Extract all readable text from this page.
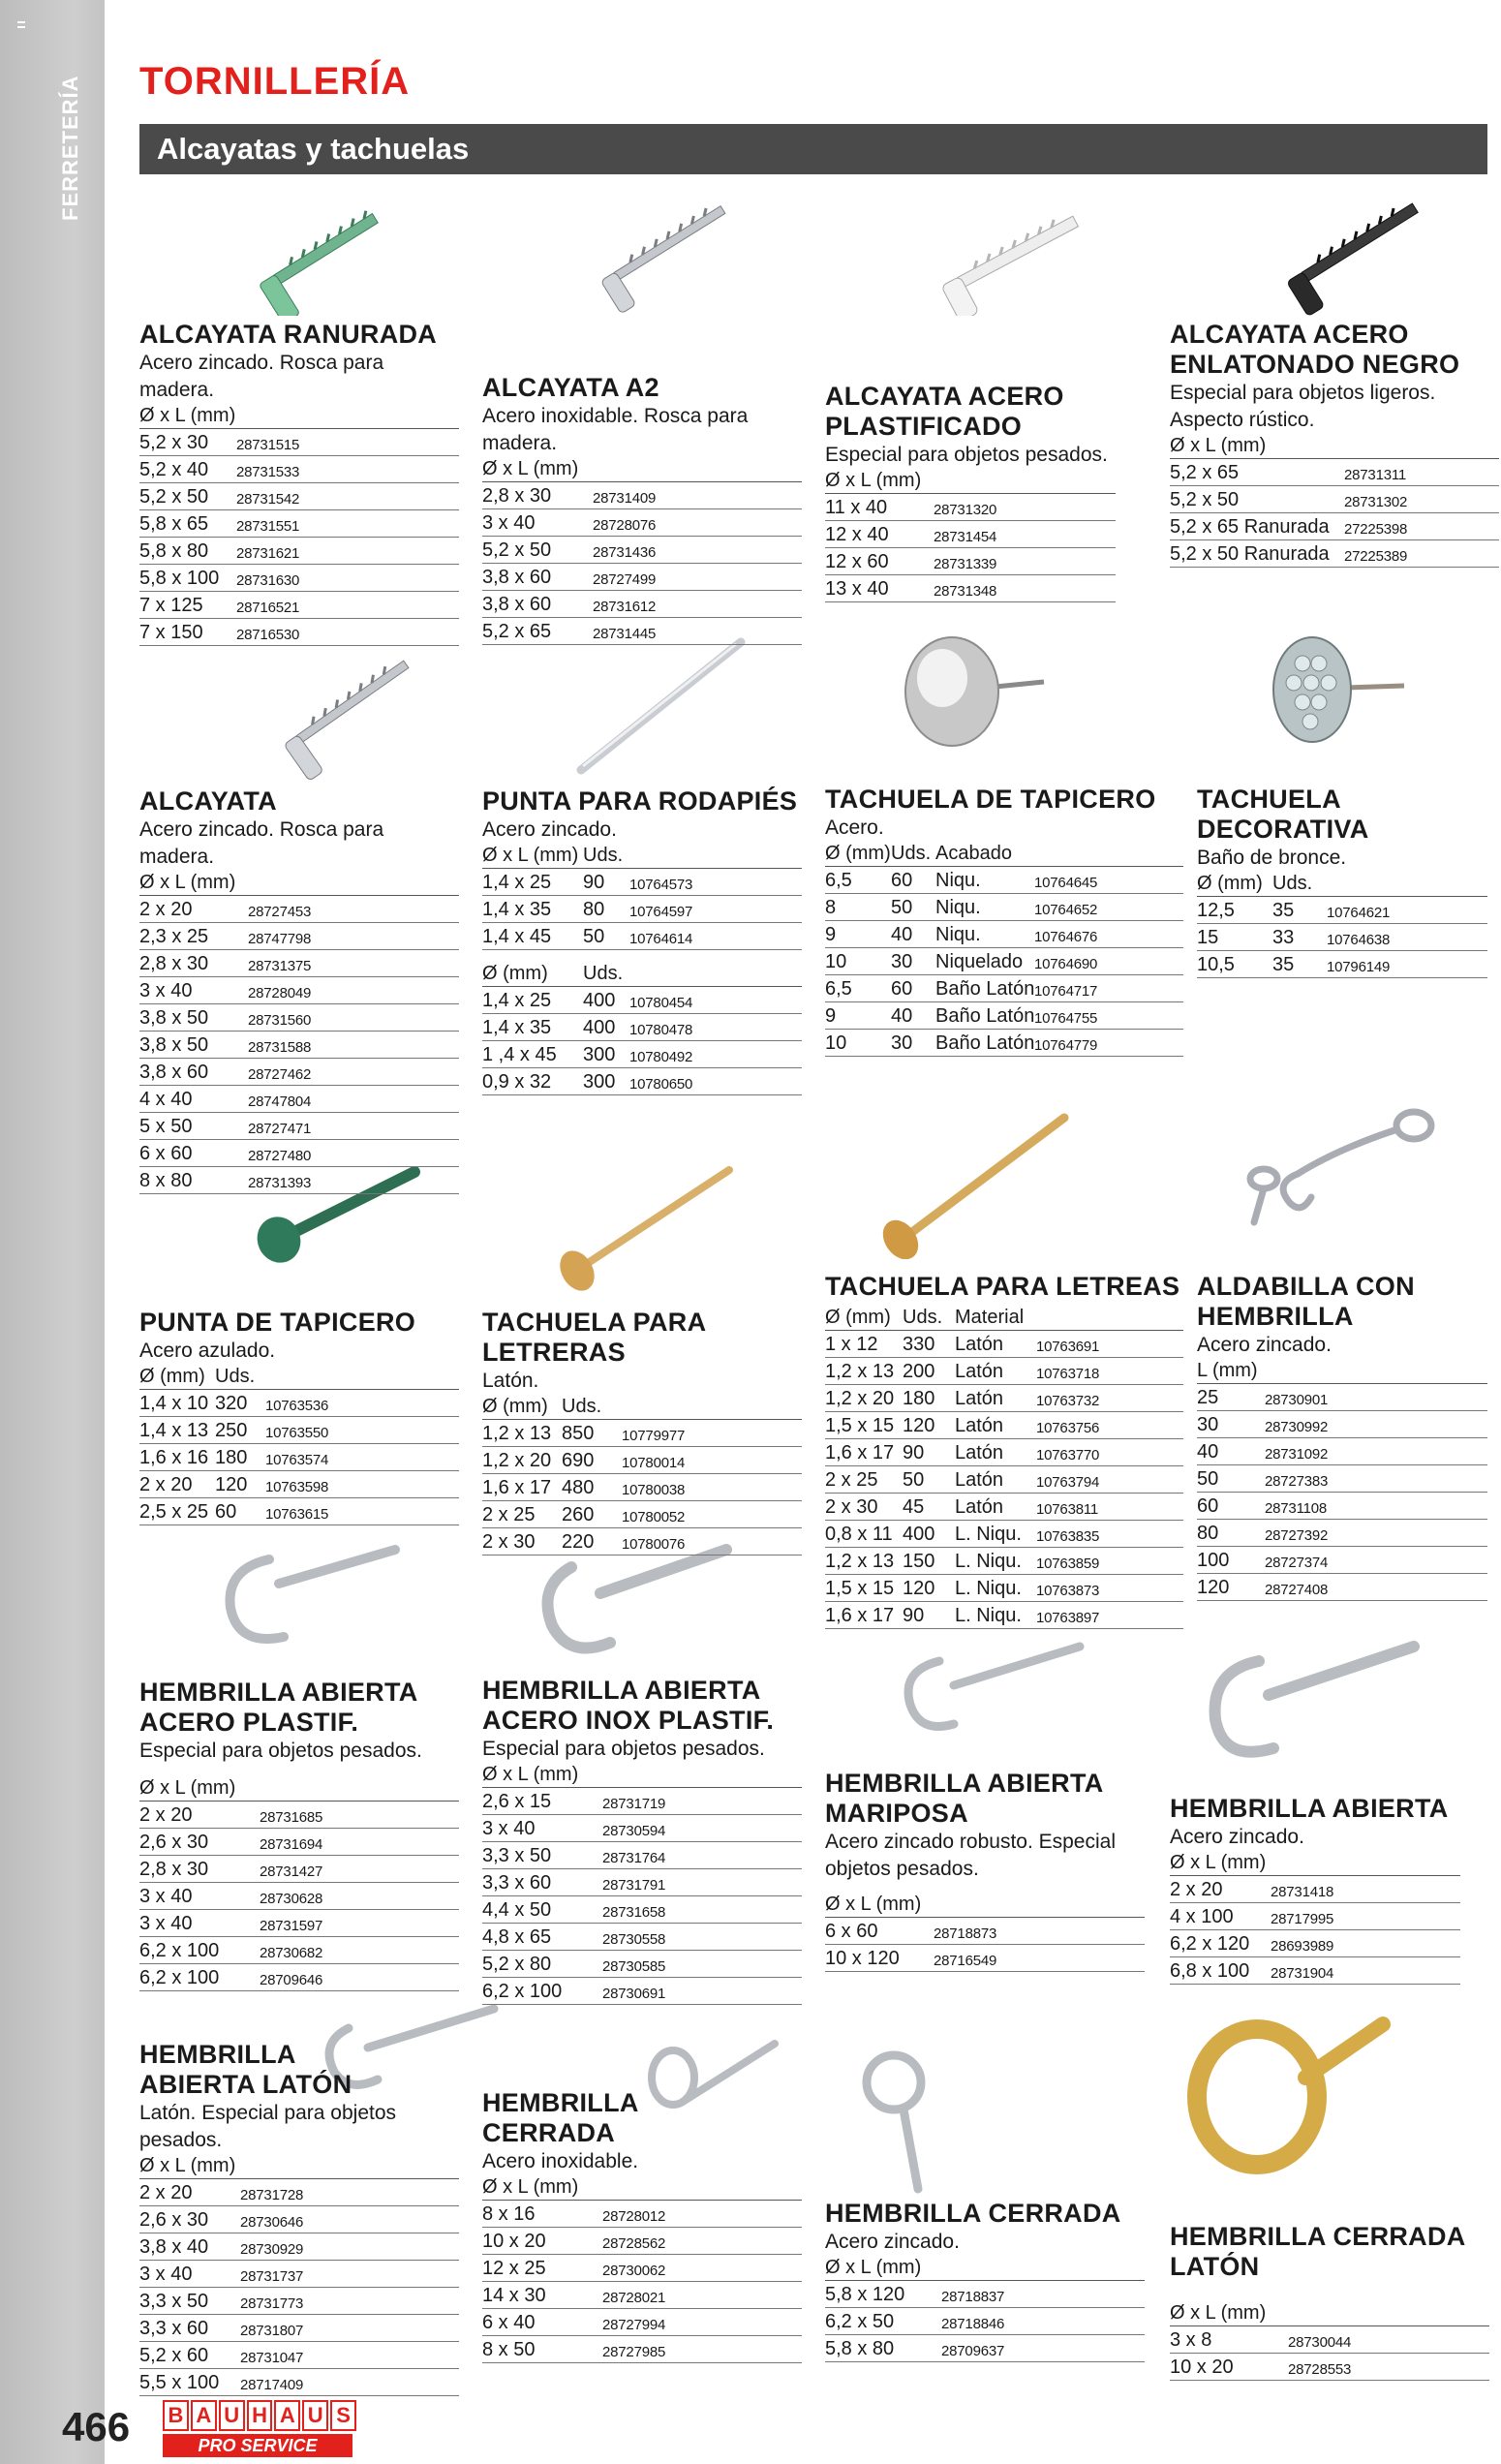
FERRETERÍA TORNILLERÍA
Alcayatas y tachuelas
ALCAYATA RANURADA
Acero zincado. Rosca para madera.
Ø x L (mm)
5,2 x 30 28731515
5,2 x 40 28731533
5,2 x 50 28731542
5,8 x 65 28731551
5,8 x 80 28731621
5,8 x 100 28731630
7 x 125 28716521
7 x 150 28716530
ALCAYATA A2
Acero inoxidable. Rosca para madera.
Ø x L (mm)
2,8 x 30	28731409
3 x 40	28728076
5,2 x 50	28731436
3,8 x 60	28727499
3,8 x 60	28731612
5,2 x 65	28731445
ALCAYATA ACERO PLASTIFICADO
Especial para objetos pesados.
Ø x L (mm)
11 x 40	28731320
12 x 40	28731454
12 x 60	28731339
13 x 40	28731348
ALCAYATA ACERO
ENLATONADO NEGRO
Especial para objetos ligeros.
Aspecto rústico.
Ø x L (mm)
5,2 x 65	28731311
5,2 x 50	28731302
5,2 x 65 Ranurada 27225398
5,2 x 50 Ranurada 27225389
ALCAYATA
Acero zincado. Rosca para madera.
Ø x L (mm)
2 x 20	28727453
2,3 x 25	28747798
2,8 x 30	28731375
3 x 40	28728049
3,8 x 50	28731560
3,8 x 50	28731588
3,8 x 60	28727462
4 x 40	28747804
5 x 50	28727471
6 x 60	28727480
8 x 80	28731393
PUNTA PARA RODAPIÉS
Acero zincado.
Ø x L (mm) Uds.
1,4 x 25 90 10764573
1,4 x 35 80 10764597
1,4 x 45 50 10764614
Ø (mm) Uds.
1,4 x 25 400 10780454
1,4 x 35 400 10780478
1 ,4 x 45 300 10780492
0,9 x 32 300 10780650
TACHUELA DE TAPICERO
Acero.
Ø (mm) Uds. Acabado
6,5 60 Niqu.	10764645
8	50 Niqu.	10764652
9	40 Niqu.	10764676
10 30 Niquelado 10764690
6,5 60 Baño Latón 10764717
9	40 Baño Latón 10764755
10 30 Baño Latón 10764779
TACHUELA DECORATIVA
Baño de bronce.
Ø (mm) Uds.
12,5 35 10764621
15	33 10764638
10,5 35 10796149
PUNTA DE TAPICERO
Acero azulado.
Ø (mm) Uds.
1,4 x 10 320 10763536
1,4 x 13 250 10763550
1,6 x 16 180 10763574
2 x 20 120 10763598
2,5 x 25 60 10763615
TACHUELA PARA LETRERAS
Latón.
Ø (mm) Uds.
1,2 x 13 850 10779977
1,2 x 20 690 10780014
1,6 x 17 480 10780038
2 x 25 260 10780052
2 x 30 220 10780076
TACHUELA PARA LETREAS
Ø (mm) Uds. Material
1 x 12 330 Latón 10763691
1,2 x 13 200 Latón 10763718
1,2 x 20 180 Latón 10763732
1,5 x 15 120 Latón 10763756
1,6 x 17 90 Latón 10763770
2 x 25 50 Latón 10763794
2 x 30 45 Latón 10763811
0,8 x 11 400 L. Niqu. 10763835
1,2 x 13 150 L. Niqu. 10763859
1,5 x 15 120 L. Niqu. 10763873
1,6 x 17 90 L. Niqu. 10763897
ALDABILLA CON HEMBRILLA
Acero zincado.
L (mm)
25	28730901
30	28730992
40	28731092
50	28727383
60	28731108
80	28727392
100 28727374
120 28727408
HEMBRILLA ABIERTA
ACERO PLASTIF.
Especial para objetos pesados.
Ø x L (mm)
2 x 20	28731685
2,6 x 30	28731694
2,8 x 30	28731427
3 x 40	28730628
3 x 40	28731597
6,2 x 100	28730682
6,2 x 100	28709646
HEMBRILLA ABIERTA
ACERO INOX PLASTIF.
Especial para objetos pesados.
Ø x L (mm)
2,6 x 15	28731719
3 x 40	28730594
3,3 x 50	28731764
3,3 x 60	28731791
4,4 x 50	28731658
4,8 x 65	28730558
5,2 x 80	28730585
6,2 x 100	28730691
HEMBRILLA ABIERTA
MARIPOSA
Acero zincado robusto. Especial
objetos pesados.
Ø x L (mm)
6 x 60	28718873
10 x 120 28716549
HEMBRILLA ABIERTA
Acero zincado.
Ø x L (mm)
2 x 20	28731418
4 x 100	28717995
6,2 x 120 28693989
6,8 x 100 28731904
HEMBRILLA
ABIERTA LATÓN
Latón. Especial para objetos pesados.
Ø x L (mm)
2 x 20	28731728
2,6 x 30 28730646
3,8 x 40 28730929
3 x 40	28731737
3,3 x 50 28731773
3,3 x 60 28731807
5,2 x 60 28731047
5,5 x 100 28717409
HEMBRILLA
CERRADA
Acero inoxidable.
Ø x L (mm)
8 x 16	28728012
10 x 20	28728562
12 x 25	28730062
14 x 30	28728021
6 x 40	28727994
8 x 50	28727985
HEMBRILLA CERRADA
Acero zincado.
Ø x L (mm)
5,8 x 120	28718837
6,2 x 50	28718846
5,8 x 80	28709637
HEMBRILLA CERRADA LATÓN
Ø x L (mm)
3 x 8	28730044
10 x 20	28728553
466 B A U H A U S
PRO SERVICE
